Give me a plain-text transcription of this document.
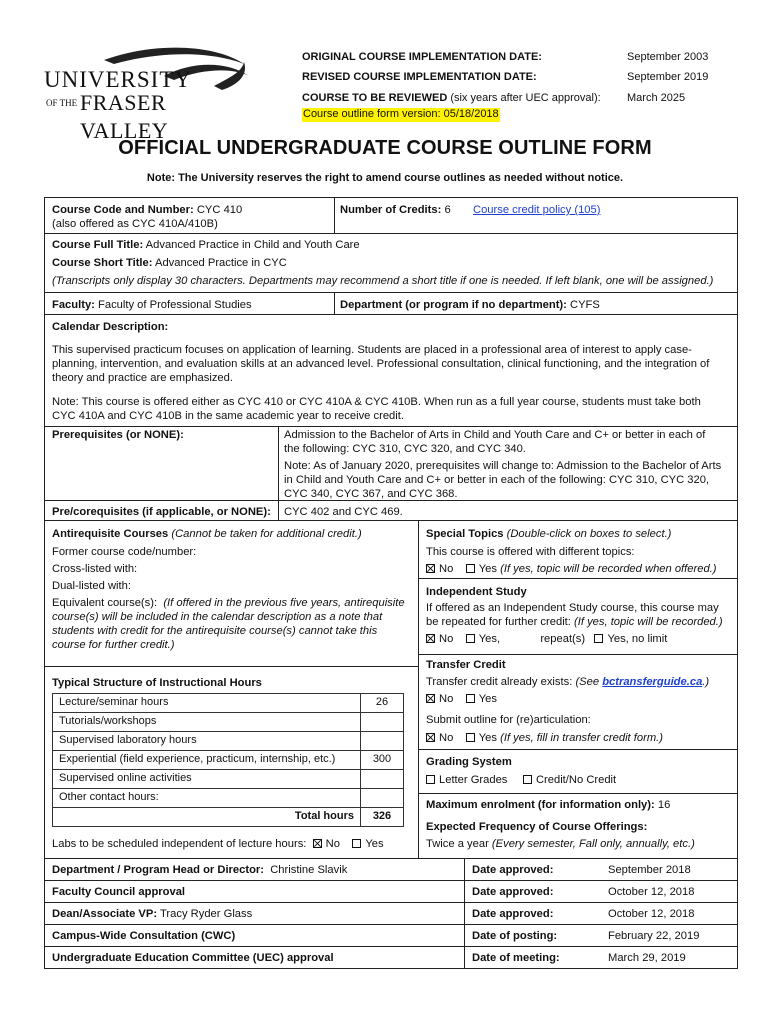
UNIVERSITY
OF THE FRASER VALLEY
ORIGINAL COURSE IMPLEMENTATION DATE:	September 2003
REVISED COURSE IMPLEMENTATION DATE:	September 2019
COURSE TO BE REVIEWED (six years after UEC approval): March 2025
Course outline form version: 05/18/2018
OFFICIAL UNDERGRADUATE COURSE OUTLINE FORM
Note: The University reserves the right to amend course outlines as needed without notice.
Course Code and Number: CYC 410
(also offered as CYC 410A/410B)
Number of Credits: 6 Course credit policy (105)
Course Full Title: Advanced Practice in Child and Youth Care
Course Short Title: Advanced Practice in CYC
(Transcripts only display 30 characters. Departments may recommend a short title if one is needed. If left blank, one will be assigned.)
Faculty: Faculty of Professional Studies	Department (or program if no department): CYFS
Calendar Description:
This supervised practicum focuses on application of learning. Students are placed in a professional area of interest to apply case-
planning, intervention, and evaluation skills at an advanced level. Professional consultation, clinical functioning, and the integration of
theory and practice are emphasized.
Note: This course is offered either as CYC 410 or CYC 410A & CYC 410B. When run as a full year course, students must take both
CYC 410A and CYC 410B in the same academic year to receive credit.
Prerequisites (or NONE):	Admission to the Bachelor of Arts in Child and Youth Care and C+ or better in each of
the following: CYC 310, CYC 320, and CYC 340.
Note: As of January 2020, prerequisites will change to: Admission to the Bachelor of Arts
in Child and Youth Care and C+ or better in each of the following: CYC 310, CYC 320,
CYC 340, CYC 367, and CYC 368.
Pre/corequisites (if applicable, or NONE): CYC 402 and CYC 469.
Antirequisite Courses (Cannot be taken for additional credit.)
Former course code/number:
Cross-listed with:
Dual-listed with:
Equivalent course(s): (If offered in the previous five years, antirequisite
course(s) will be included in the calendar description as a note that
students with credit for the antirequisite course(s) cannot take this
course for further credit.)
Typical Structure of Instructional Hours
Lecture/seminar hours	26
Tutorials/workshops	
Supervised laboratory hours	
Experiential (field experience, practicum, internship, etc.)	300
Supervised online activities	
Other contact hours:	
Total hours	326
Labs to be scheduled independent of lecture hours: No Yes
Special Topics (Double-click on boxes to select.)
This course is offered with different topics:
No Yes (If yes, topic will be recorded when offered.)
Independent Study
If offered as an Independent Study course, this course may
be repeated for further credit: (If yes, topic will be recorded.)
No Yes,	repeat(s) Yes, no limit
Transfer Credit
Transfer credit already exists: (See bctransferguide.ca.)
No Yes
Submit outline for (re)articulation:
No Yes (If yes, fill in transfer credit form.)
Grading System
Letter Grades	Credit/No Credit
Maximum enrolment (for information only): 16
Expected Frequency of Course Offerings:
Twice a year (Every semester, Fall only, annually, etc.)
Department / Program Head or Director: Christine Slavik	Date approved:	September 2018
Faculty Council approval	Date approved:	October 12, 2018
Dean/Associate VP: Tracy Ryder Glass	Date approved:	October 12, 2018
Campus-Wide Consultation (CWC)	Date of posting:	February 22, 2019
Undergraduate Education Committee (UEC) approval	Date of meeting:	March 29, 2019
